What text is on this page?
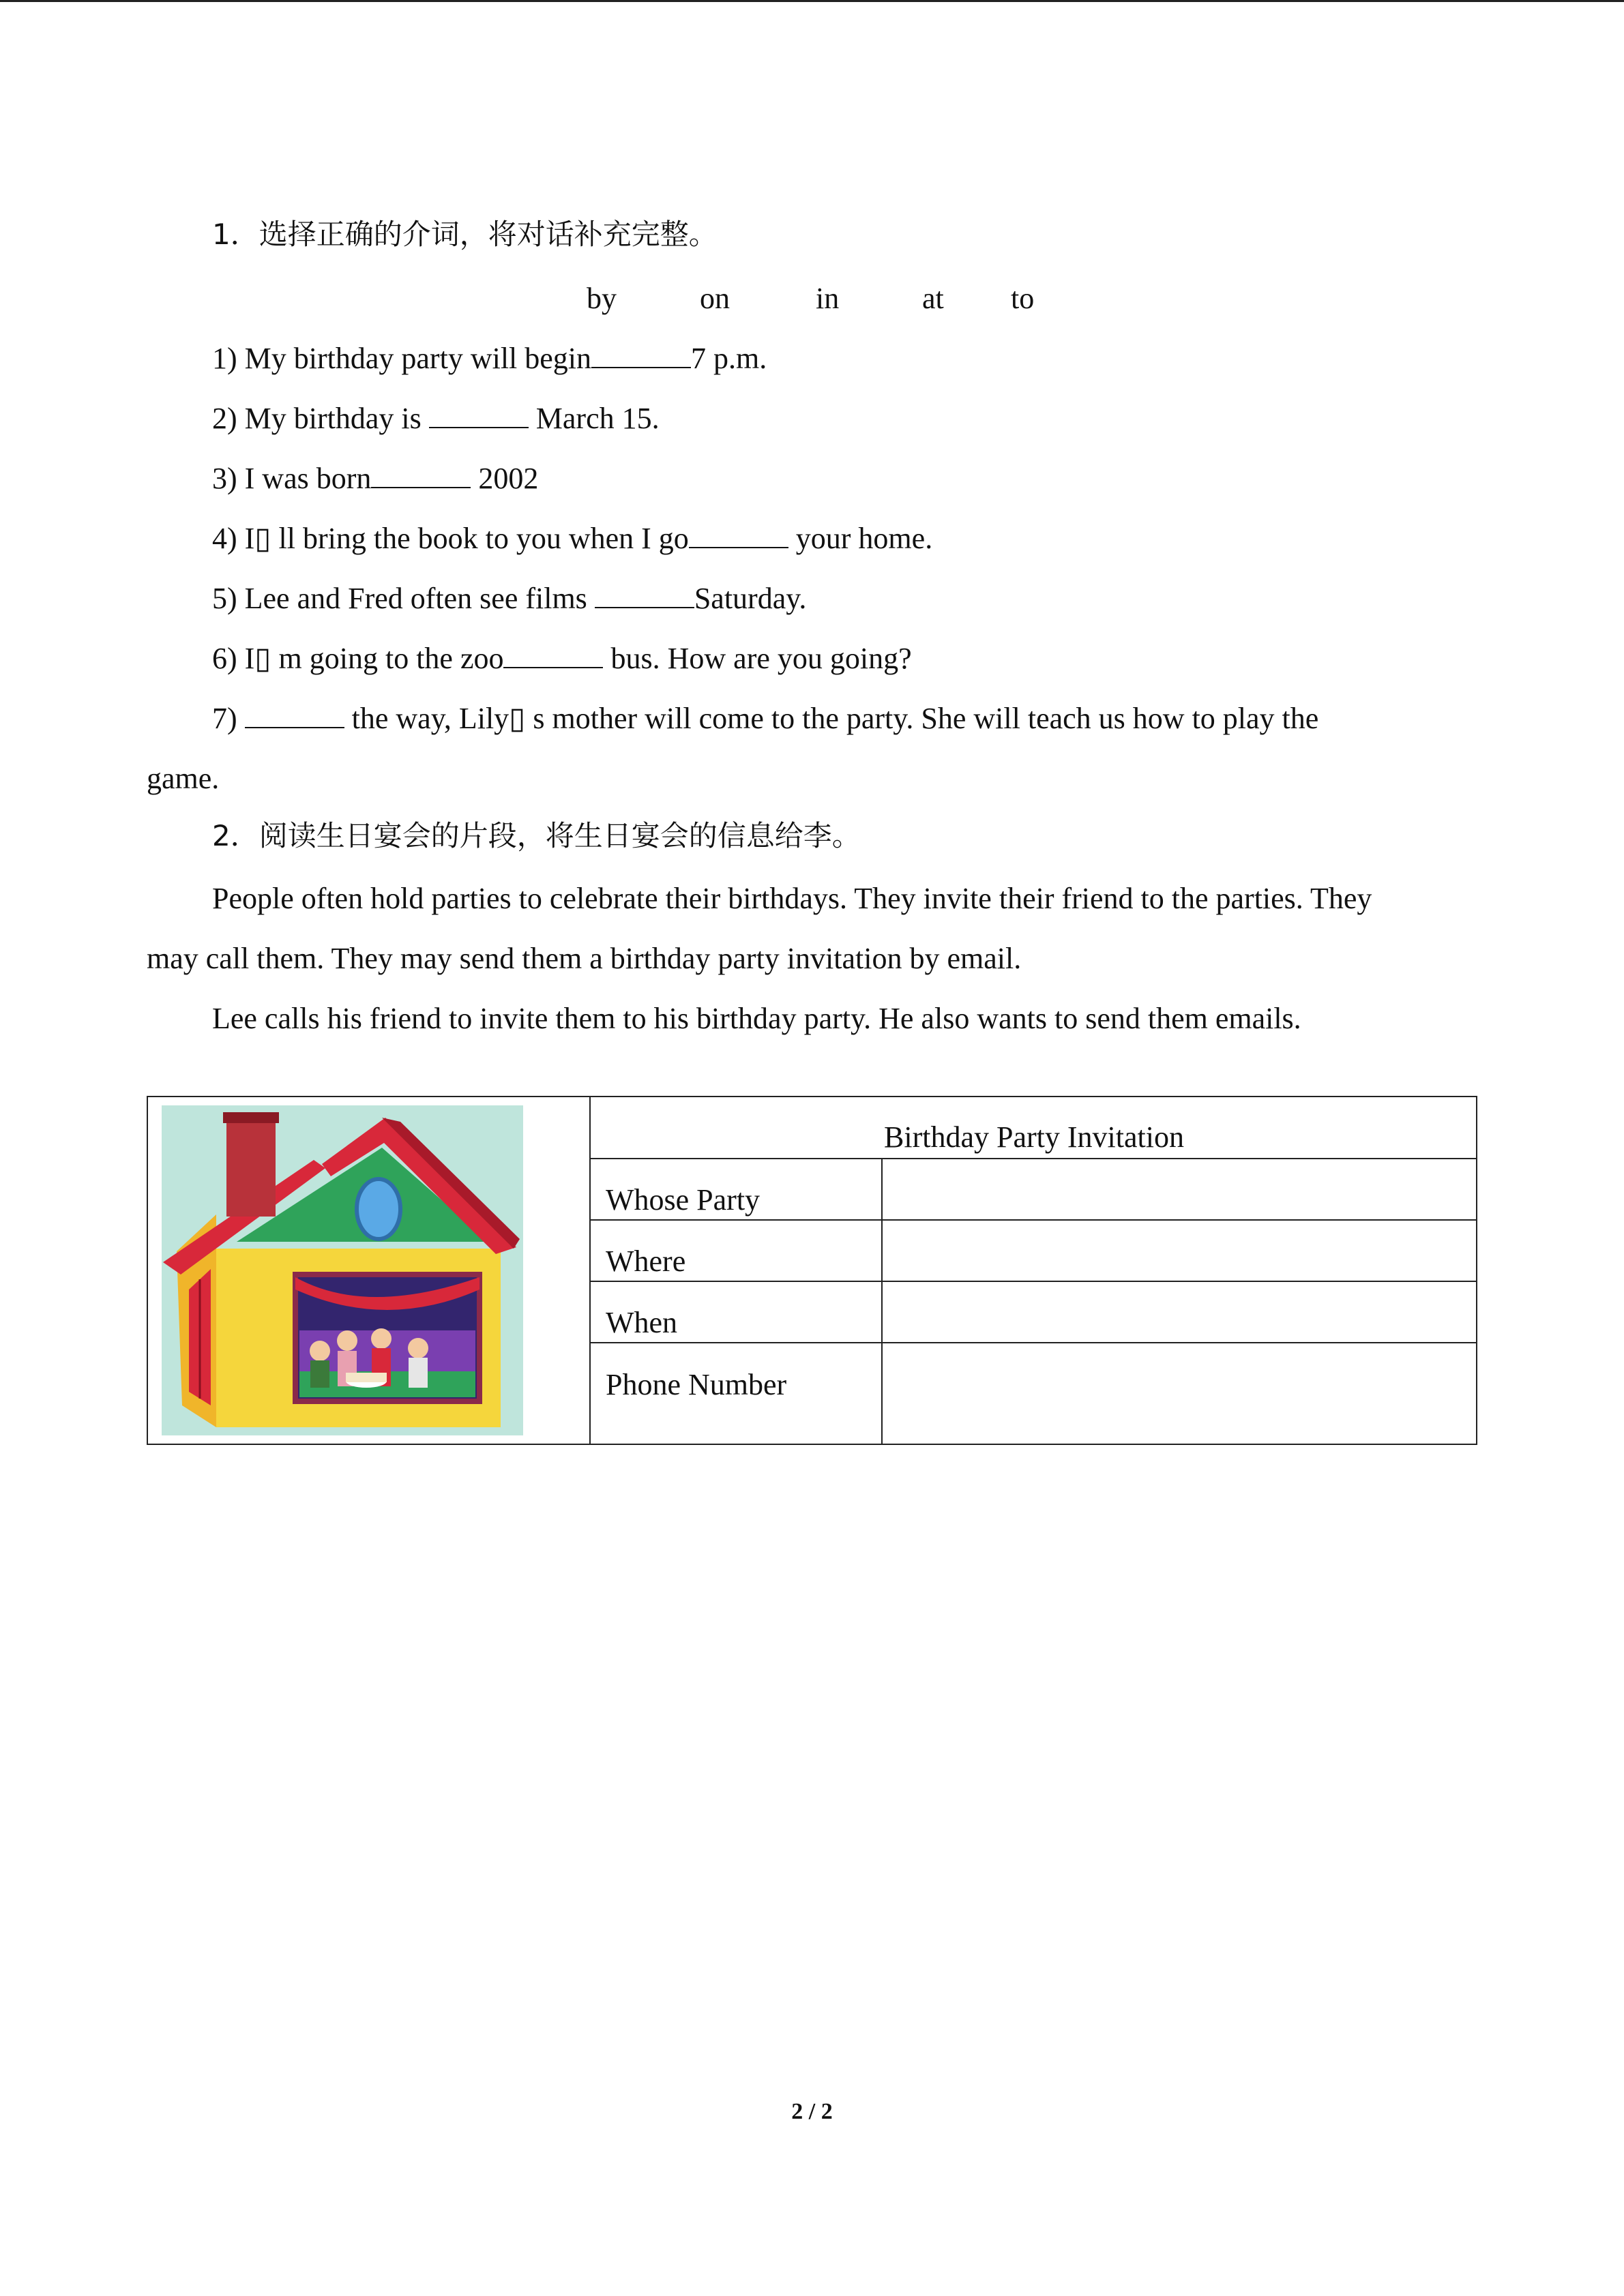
1．选择正确的介词，将对话补充完整。
by	on	in	at to
1) My birthday party will begin	7 p.m.
2) My birthday is	March 15.
3) I was born	2002
4) I▯ ll bring the book to you when I go	your home.
5) Lee and Fred often see films	Saturday.
6) I▯ m going to the zoo	bus. How are you going?
7)	the way, Lily▯ s mother will come to the party. She will teach us how to play the
game.
2．阅读生日宴会的片段，将生日宴会的信息给李。
People often hold parties to celebrate their birthdays. They invite their friend to the parties. They
may call them. They may send them a birthday party invitation by email.
Lee calls his friend to invite them to his birthday party. He also wants to send them emails.
Birthday Party Invitation
Whose Party
Where
When
Phone Number
2 / 2
